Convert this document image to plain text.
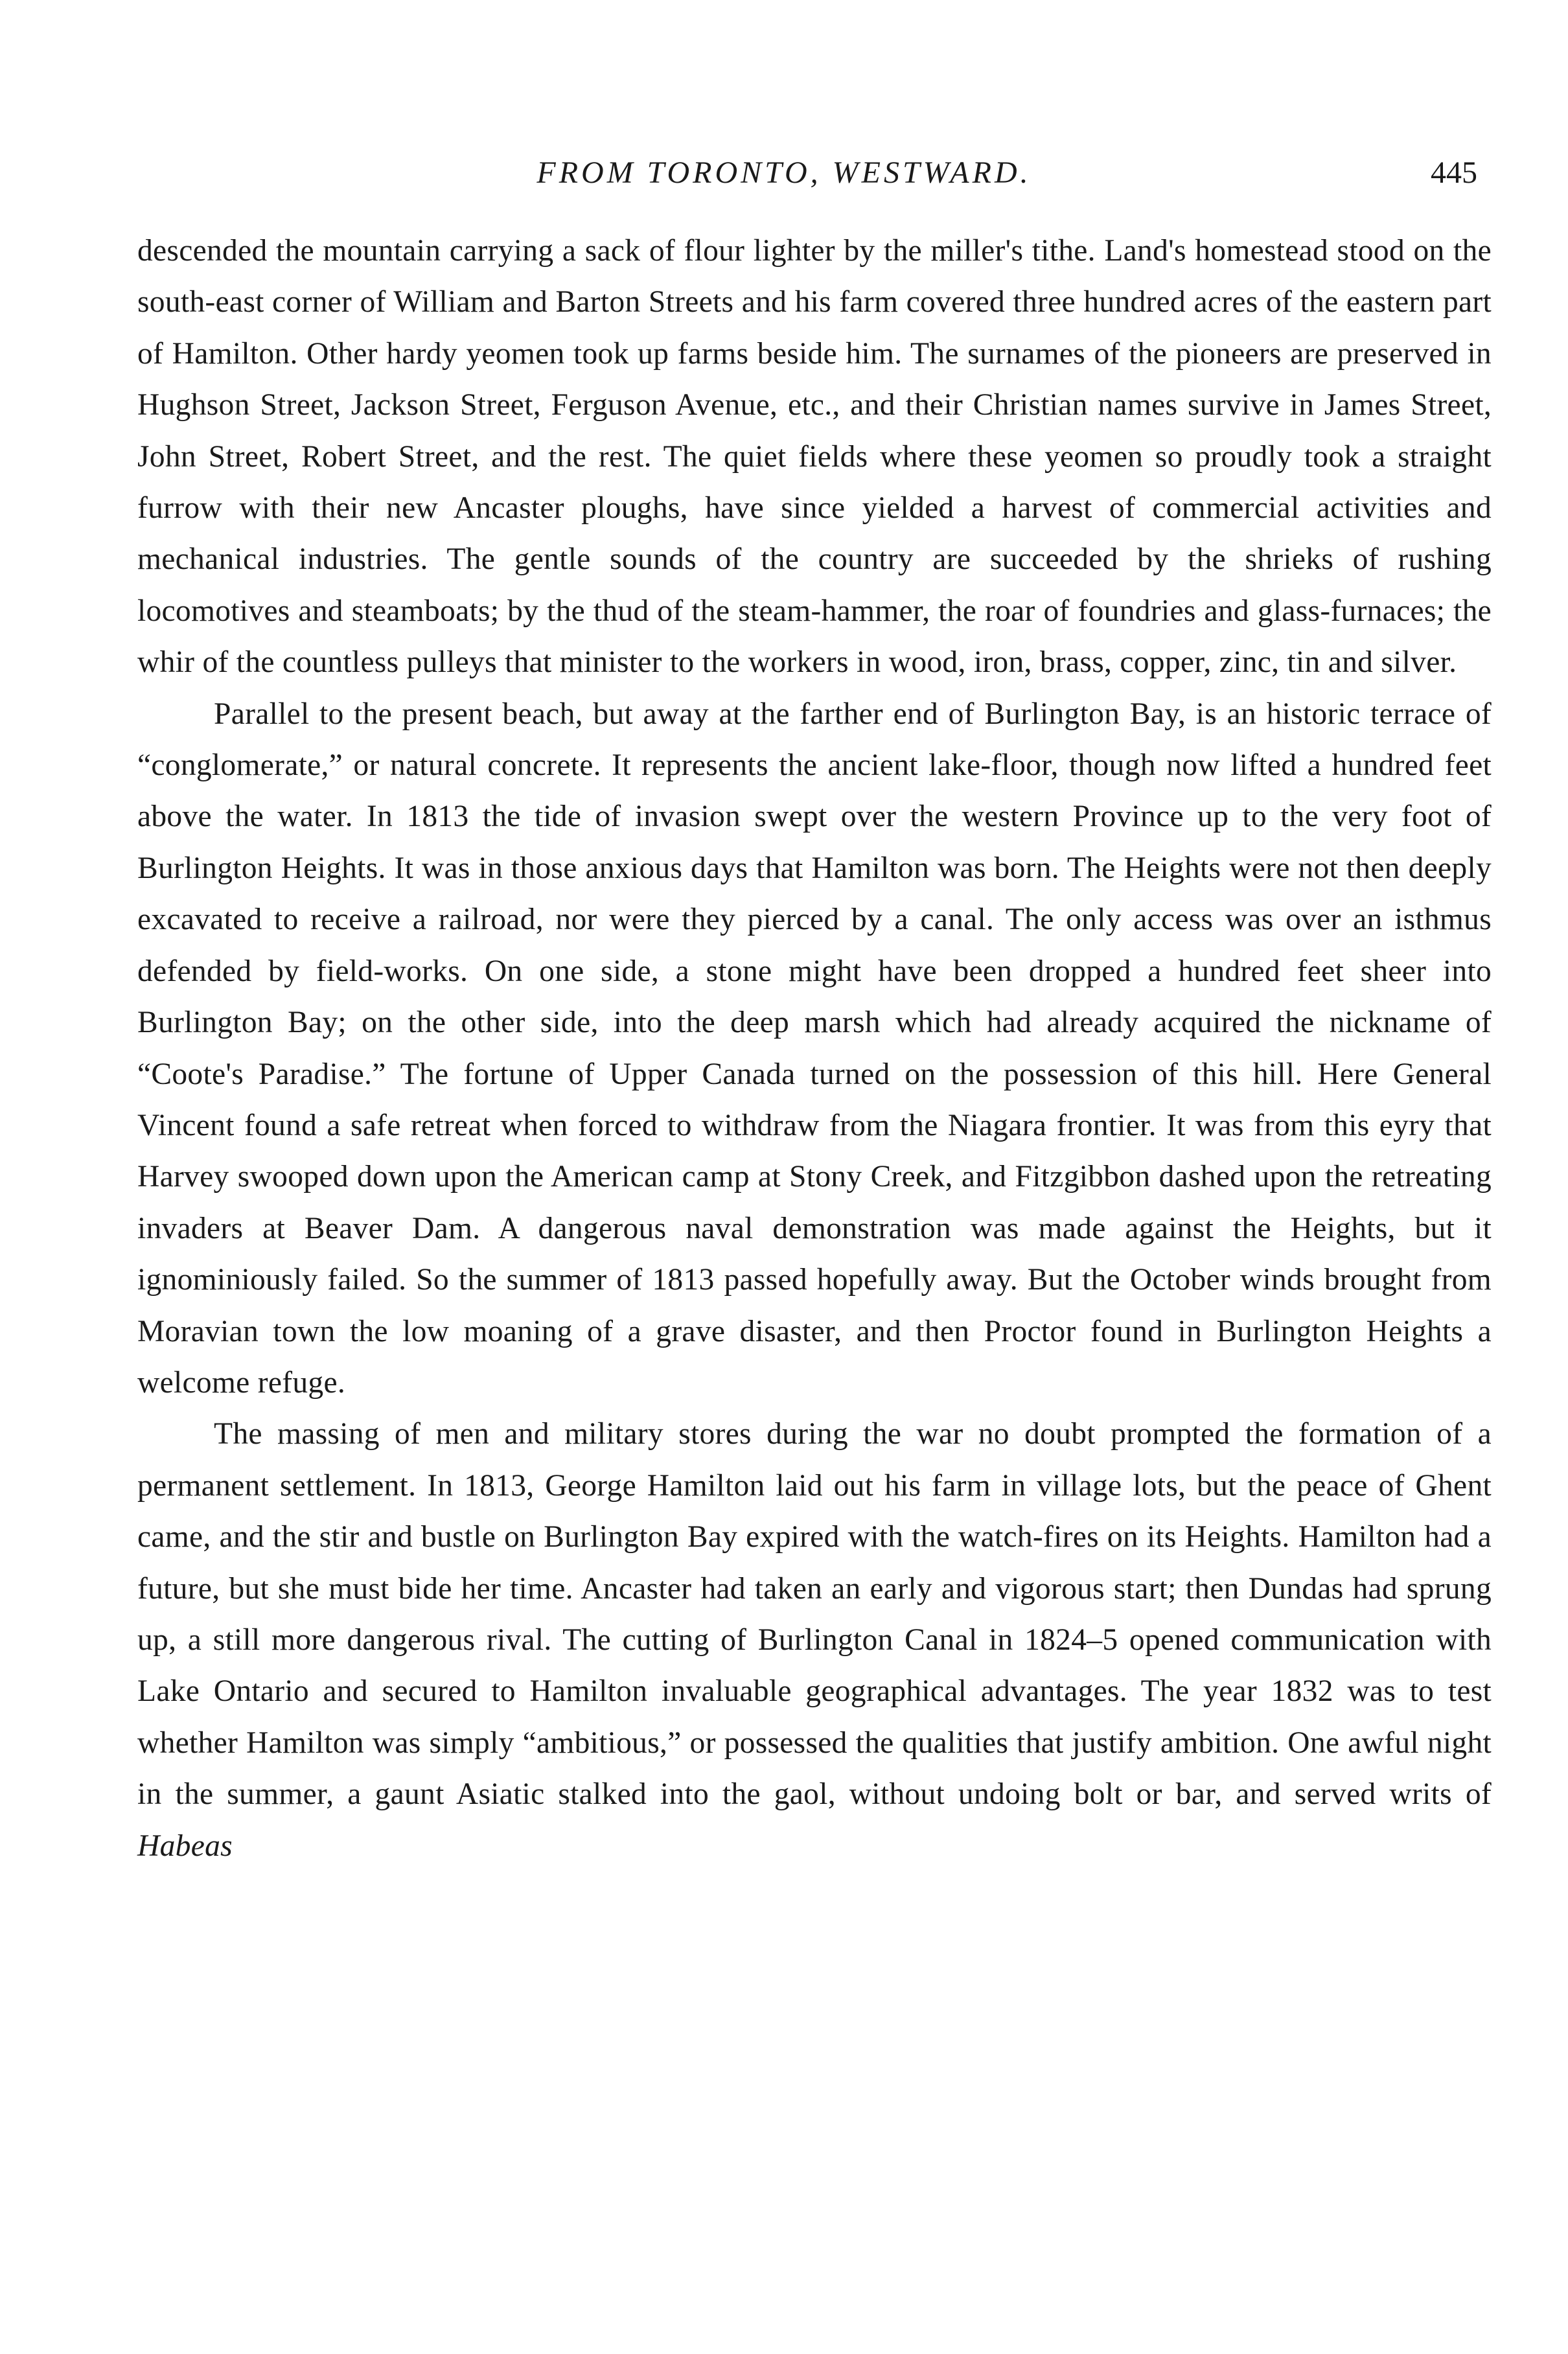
FROM TORONTO, WESTWARD.	445

descended the mountain carrying a sack of flour lighter by the miller's tithe. Land's homestead stood on the south-east corner of William and Barton Streets and his farm covered three hundred acres of the eastern part of Hamilton. Other hardy yeomen took up farms beside him. The surnames of the pioneers are preserved in Hughson Street, Jackson Street, Ferguson Avenue, etc., and their Christian names survive in James Street, John Street, Robert Street, and the rest. The quiet fields where these yeomen so proudly took a straight furrow with their new Ancaster ploughs, have since yielded a harvest of commercial activities and mechanical industries. The gentle sounds of the country are succeeded by the shrieks of rushing locomotives and steamboats; by the thud of the steam-hammer, the roar of foundries and glass-furnaces; the whir of the countless pulleys that minister to the workers in wood, iron, brass, copper, zinc, tin and silver.

Parallel to the present beach, but away at the farther end of Burlington Bay, is an historic terrace of “conglomerate,” or natural concrete. It represents the ancient lake-floor, though now lifted a hundred feet above the water. In 1813 the tide of invasion swept over the western Province up to the very foot of Burlington Heights. It was in those anxious days that Hamilton was born. The Heights were not then deeply excavated to receive a railroad, nor were they pierced by a canal. The only access was over an isthmus defended by field-works. On one side, a stone might have been dropped a hundred feet sheer into Burlington Bay; on the other side, into the deep marsh which had already acquired the nickname of “Coote's Paradise.” The fortune of Upper Canada turned on the possession of this hill. Here General Vincent found a safe retreat when forced to withdraw from the Niagara frontier. It was from this eyry that Harvey swooped down upon the American camp at Stony Creek, and Fitzgibbon dashed upon the retreating invaders at Beaver Dam. A dangerous naval demonstration was made against the Heights, but it ignominiously failed. So the summer of 1813 passed hopefully away. But the October winds brought from Moravian town the low moaning of a grave disaster, and then Proctor found in Burlington Heights a welcome refuge.

The massing of men and military stores during the war no doubt prompted the formation of a permanent settlement. In 1813, George Hamilton laid out his farm in village lots, but the peace of Ghent came, and the stir and bustle on Burlington Bay expired with the watch-fires on its Heights. Hamilton had a future, but she must bide her time. Ancaster had taken an early and vigorous start; then Dundas had sprung up, a still more dangerous rival. The cutting of Burlington Canal in 1824–5 opened communication with Lake Ontario and secured to Hamilton invaluable geographical advantages. The year 1832 was to test whether Hamilton was simply “ambitious,” or possessed the qualities that justify ambition. One awful night in the summer, a gaunt Asiatic stalked into the gaol, without undoing bolt or bar, and served writs of Habeas
